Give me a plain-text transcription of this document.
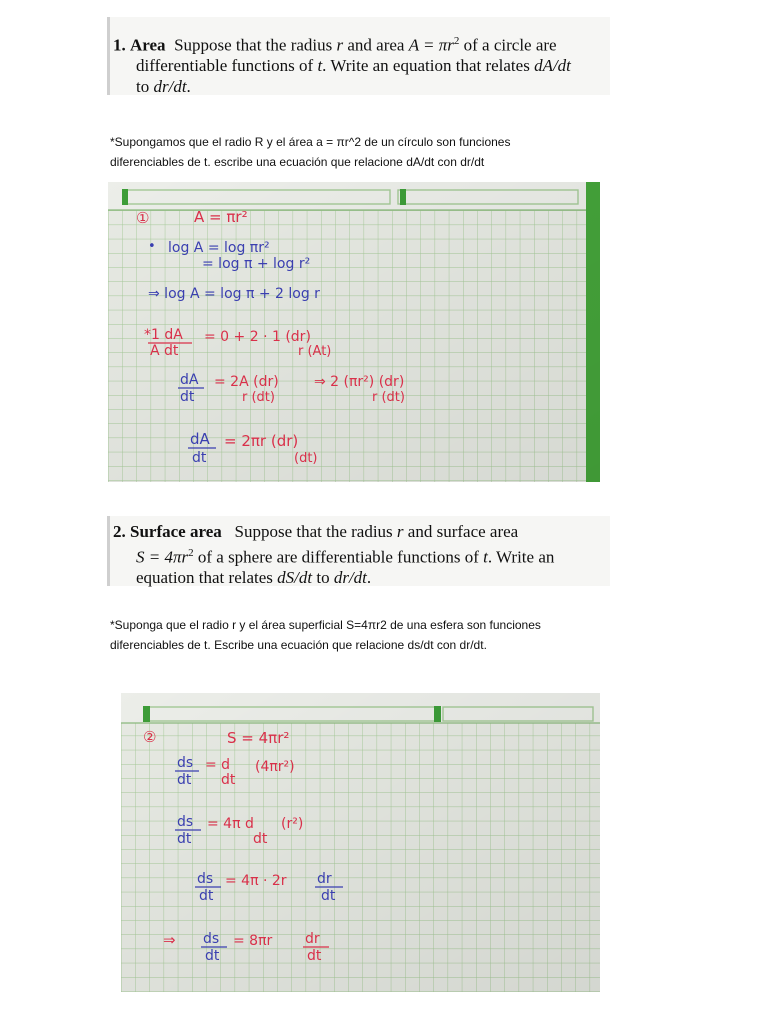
1. Area Suppose that the radius r and area $A = \pi r^2$ of a circle are

differentiable functions of t. Write an equation that relates dA/dt

to dr/dt.

*Supongamos que el radio R y el área a = πr^2 de un círculo son funciones

diferenciables de t. escribe una ecuación que relacione dA/dt con dr/dt

①	A = πr²
• log A = log πr²
= log π + log r²
⇒ log A = log π + 2 log r
*1 dA
A dt
= 0 + 2 · 1 (dr)
r (At)
dA
dt
= 2A (dr)
r (dt)
⇒ 2 (πr²) (dr)
r (dt)
dA
dt
= 2πr (dr)
(dt)

2. Surface area Suppose that the radius r and surface area

$S = 4\pi r^2$ of a sphere are differentiable functions of t. Write an

equation that relates dS/dt to dr/dt.

*Suponga que el radio r y el área superficial S=4πr2 de una esfera son funciones

diferenciables de t. Escribe una ecuación que relacione ds/dt con dr/dt.

②	S = 4πr²
ds
dt
= d
dt
(4πr²)
ds
dt
= 4π d
dt
(r²)
ds
dt
= 4π · 2r dr
dt
⇒ ds
dt
= 8πr dr
dt
